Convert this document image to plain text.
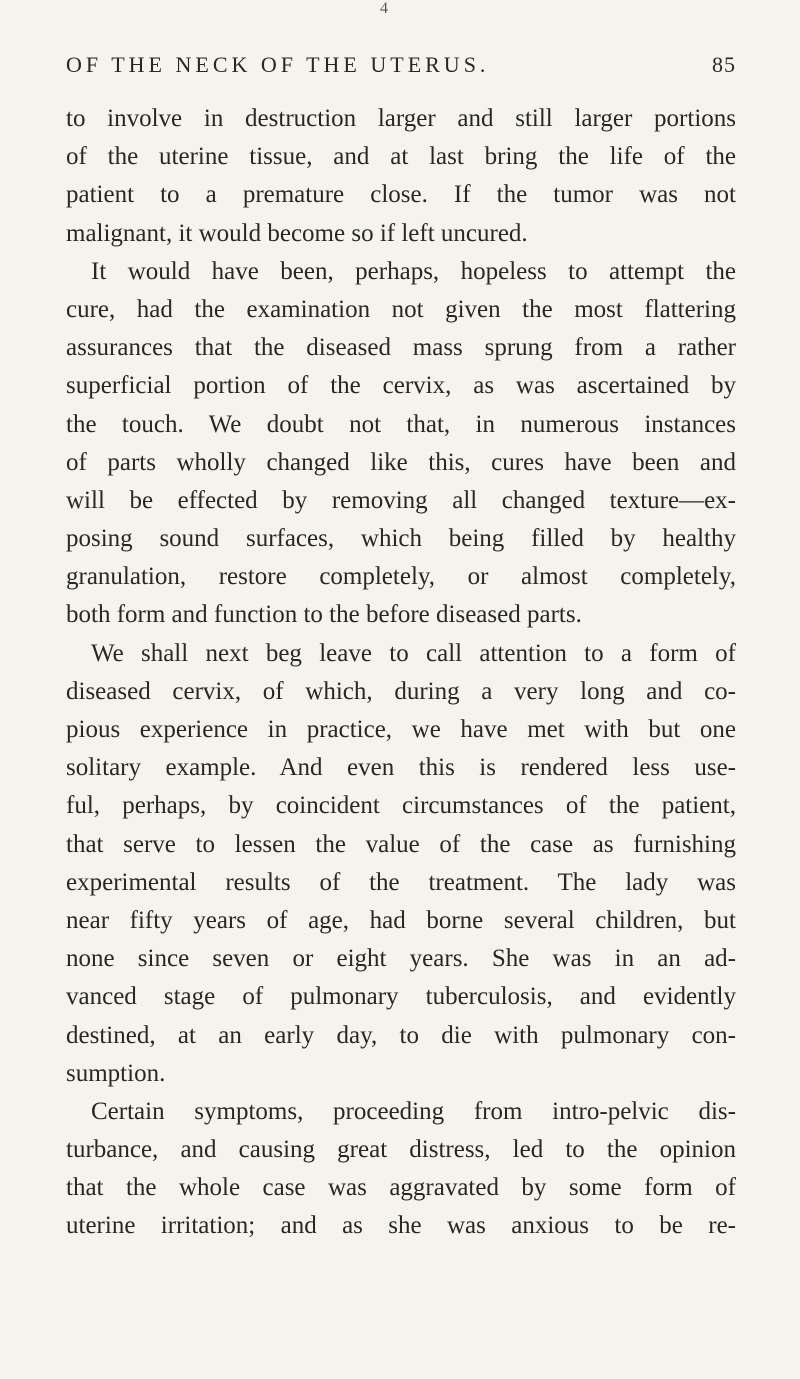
4
OF THE NECK OF THE UTERUS.	85
to involve in destruction larger and still larger portions
of the uterine tissue, and at last bring the life of the
patient to a premature close. If the tumor was not
malignant, it would become so if left uncured.
It would have been, perhaps, hopeless to attempt the
cure, had the examination not given the most flattering
assurances that the diseased mass sprung from a rather
superficial portion of the cervix, as was ascertained by
the touch. We doubt not that, in numerous instances
of parts wholly changed like this, cures have been and
will be effected by removing all changed texture—ex-
posing sound surfaces, which being filled by healthy
granulation, restore completely, or almost completely,
both form and function to the before diseased parts.
We shall next beg leave to call attention to a form of
diseased cervix, of which, during a very long and co-
pious experience in practice, we have met with but one
solitary example. And even this is rendered less use-
ful, perhaps, by coincident circumstances of the patient,
that serve to lessen the value of the case as furnishing
experimental results of the treatment. The lady was
near fifty years of age, had borne several children, but
none since seven or eight years. She was in an ad-
vanced stage of pulmonary tuberculosis, and evidently
destined, at an early day, to die with pulmonary con-
sumption.
Certain symptoms, proceeding from intro-pelvic dis-
turbance, and causing great distress, led to the opinion
that the whole case was aggravated by some form of
uterine irritation; and as she was anxious to be re-
